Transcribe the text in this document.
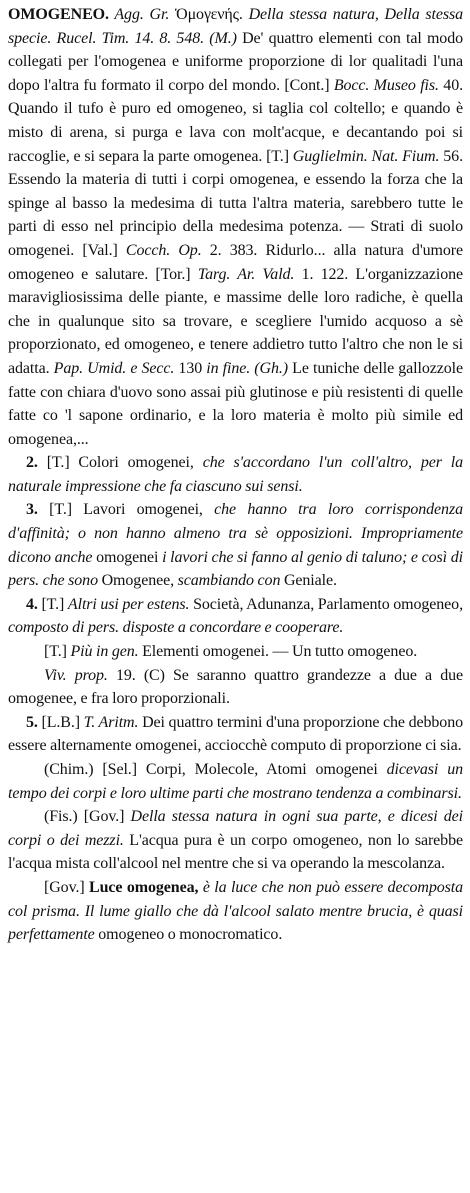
OMOGENEO. Agg. Gr. Ὁμογενής. Della stessa natura, Della stessa specie. Rucel. Tim. 14. 8. 548. (M.) De' quattro elementi con tal modo collegati per l'omogenea e uniforme proporzione di lor qualitadi l'una dopo l'altra fu formato il corpo del mondo. [Cont.] Bocc. Museo fis. 40. Quando il tufo è puro ed omogeneo, si taglia col coltello; e quando è misto di arena, si purga e lava con molt'acque, e decantando poi si raccoglie, e si separa la parte omogenea. [T.] Guglielmin. Nat. Fium. 56. Essendo la materia di tutti i corpi omogenea, e essendo la forza che la spinge al basso la medesima di tutta l'altra materia, sarebbero tutte le parti di esso nel principio della medesima potenza. — Strati di suolo omogenei. [Val.] Cocch. Op. 2. 383. Ridurlo... alla natura d'umore omogeneo e salutare. [Tor.] Targ. Ar. Vald. 1. 122. L'organizzazione maravigliosissima delle piante, e massime delle loro radiche, è quella che in qualunque sito sa trovare, e scegliere l'umido acquoso a sè proporzionato, ed omogeneo, e tenere addietro tutto l'altro che non le si adatta. Pap. Umid. e Secc. 130 in fine. (Gh.) Le tuniche delle gallozzole fatte con chiara d'uovo sono assai più glutinose e più resistenti di quelle fatte co 'l sapone ordinario, e la loro materia è molto più simile ed omogenea,...

2. [T.] Colori omogenei, che s'accordano l'un coll'altro, per la naturale impressione che fa ciascuno sui sensi.

3. [T.] Lavori omogenei, che hanno tra loro corrispondenza d'affinità; o non hanno almeno tra sè opposizioni. Impropriamente dicono anche omogenei i lavori che si fanno al genio di taluno; e così di pers. che sono Omogenee, scambiando con Geniale.

4. [T.] Altri usi per estens. Società, Adunanza, Parlamento omogeneo, composto di pers. disposte a concordare e cooperare.

[T.] Più in gen. Elementi omogenei. — Un tutto omogeneo.

Viv. prop. 19. (C) Se saranno quattro grandezze a due a due omogenee, e fra loro proporzionali.

5. [L.B.] T. Aritm. Dei quattro termini d'una proporzione che debbono essere alternamente omogenei, acciocchè computo di proporzione ci sia.

(Chim.) [Sel.] Corpi, Molecole, Atomi omogenei dicevasi un tempo dei corpi e loro ultime parti che mostrano tendenza a combinarsi.

(Fis.) [Gov.] Della stessa natura in ogni sua parte, e dicesi dei corpi o dei mezzi. L'acqua pura è un corpo omogeneo, non lo sarebbe l'acqua mista coll'alcool nel mentre che si va operando la mescolanza.

[Gov.] Luce omogenea, è la luce che non può essere decomposta col prisma. Il lume giallo che dà l'alcool salato mentre brucia, è quasi perfettamente omogeneo o monocromatico.
